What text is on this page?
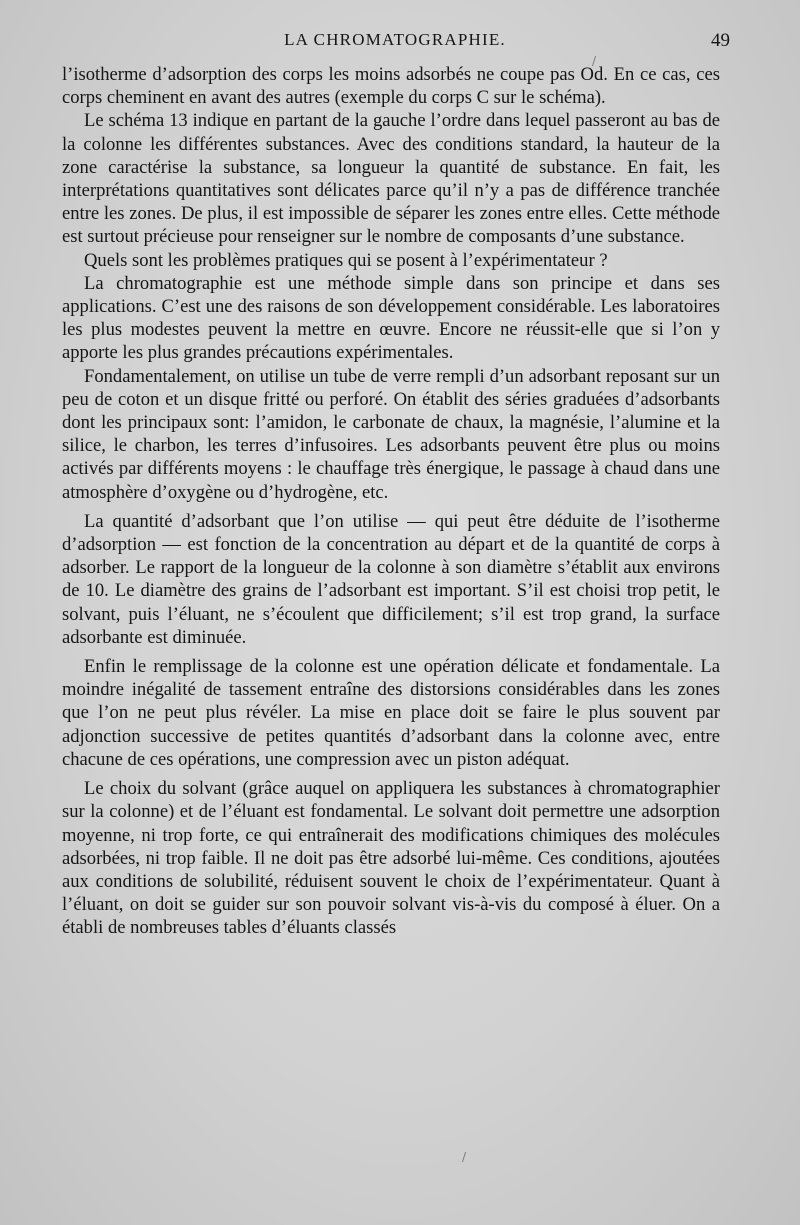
LA CHROMATOGRAPHIE.	49

l’isotherme d’adsorption des corps les moins adsorbés ne coupe pas Od. En ce cas, ces corps cheminent en avant des autres (exemple du corps C sur le schéma).

Le schéma 13 indique en partant de la gauche l’ordre dans lequel passeront au bas de la colonne les différentes substances. Avec des conditions standard, la hauteur de la zone caractérise la substance, sa longueur la quantité de substance. En fait, les interprétations quantitatives sont délicates parce qu’il n’y a pas de différence tranchée entre les zones. De plus, il est impossible de séparer les zones entre elles. Cette méthode est surtout précieuse pour renseigner sur le nombre de composants d’une substance.

Quels sont les problèmes pratiques qui se posent à l’expérimentateur ?

La chromatographie est une méthode simple dans son principe et dans ses applications. C’est une des raisons de son développement considérable. Les laboratoires les plus modestes peuvent la mettre en œuvre. Encore ne réussit-elle que si l’on y apporte les plus grandes précautions expérimentales.

Fondamentalement, on utilise un tube de verre rempli d’un adsorbant reposant sur un peu de coton et un disque fritté ou perforé. On établit des séries graduées d’adsorbants dont les principaux sont: l’amidon, le carbonate de chaux, la magnésie, l’alumine et la silice, le charbon, les terres d’infusoires. Les adsorbants peuvent être plus ou moins activés par différents moyens : le chauffage très énergique, le passage à chaud dans une atmosphère d’oxygène ou d’hydrogène, etc.

La quantité d’adsorbant que l’on utilise — qui peut être déduite de l’isotherme d’adsorption — est fonction de la concentration au départ et de la quantité de corps à adsorber. Le rapport de la longueur de la colonne à son diamètre s’établit aux environs de 10. Le diamètre des grains de l’adsorbant est important. S’il est choisi trop petit, le solvant, puis l’éluant, ne s’écoulent que difficilement; s’il est trop grand, la surface adsorbante est diminuée.

Enfin le remplissage de la colonne est une opération délicate et fondamentale. La moindre inégalité de tassement entraîne des distorsions considérables dans les zones que l’on ne peut plus révéler. La mise en place doit se faire le plus souvent par adjonction successive de petites quantités d’adsorbant dans la colonne avec, entre chacune de ces opérations, une compression avec un piston adéquat.

Le choix du solvant (grâce auquel on appliquera les substances à chromatographier sur la colonne) et de l’éluant est fondamental. Le solvant doit permettre une adsorption moyenne, ni trop forte, ce qui entraînerait des modifications chimiques des molécules adsorbées, ni trop faible. Il ne doit pas être adsorbé lui-même. Ces conditions, ajoutées aux conditions de solubilité, réduisent souvent le choix de l’expérimentateur. Quant à l’éluant, on doit se guider sur son pouvoir solvant vis-à-vis du composé à éluer. On a établi de nombreuses tables d’éluants classés

/
/
